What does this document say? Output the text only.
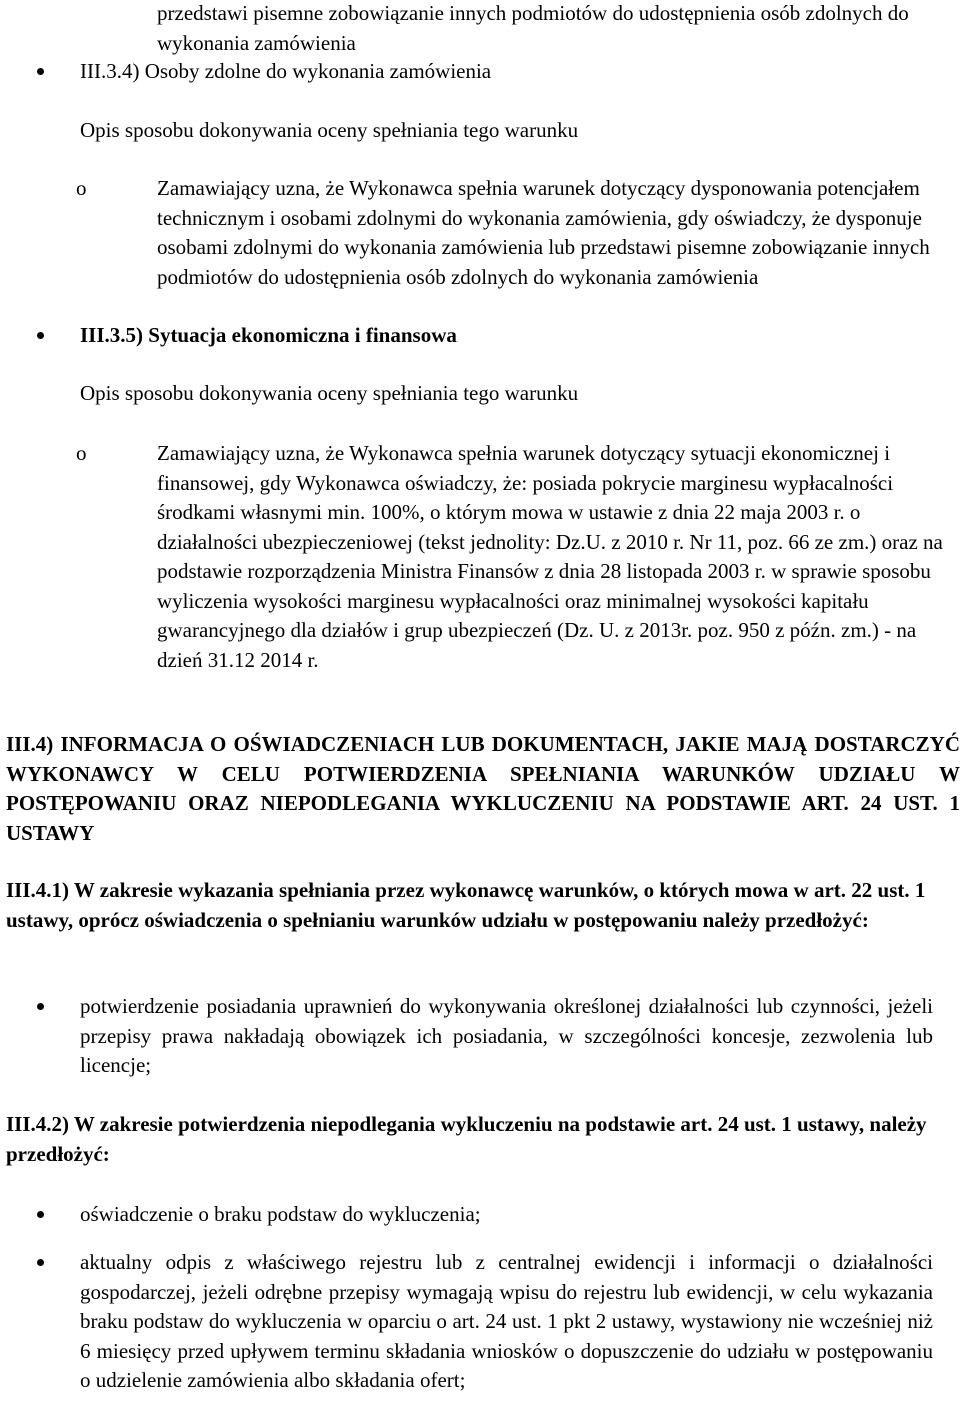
przedstawi pisemne zobowiązanie innych podmiotów do udostępnienia osób zdolnych do wykonania zamówienia

III.3.4) Osoby zdolne do wykonania zamówienia

Opis sposobu dokonywania oceny spełniania tego warunku

o	Zamawiający uzna, że Wykonawca spełnia warunek dotyczący dysponowania potencjałem technicznym i osobami zdolnymi do wykonania zamówienia, gdy oświadczy, że dysponuje osobami zdolnymi do wykonania zamówienia lub przedstawi pisemne zobowiązanie innych podmiotów do udostępnienia osób zdolnych do wykonania zamówienia

III.3.5) Sytuacja ekonomiczna i finansowa

Opis sposobu dokonywania oceny spełniania tego warunku

o	Zamawiający uzna, że Wykonawca spełnia warunek dotyczący sytuacji ekonomicznej i finansowej, gdy Wykonawca oświadczy, że: posiada pokrycie marginesu wypłacalności środkami własnymi min. 100%, o którym mowa w ustawie z dnia 22 maja 2003 r. o działalności ubezpieczeniowej (tekst jednolity: Dz.U. z 2010 r. Nr 11, poz. 66 ze zm.) oraz na podstawie rozporządzenia Ministra Finansów z dnia 28 listopada 2003 r. w sprawie sposobu wyliczenia wysokości marginesu wypłacalności oraz minimalnej wysokości kapitału gwarancyjnego dla działów i grup ubezpieczeń (Dz. U. z 2013r. poz. 950 z późn. zm.) - na dzień 31.12 2014 r.

III.4) INFORMACJA O OŚWIADCZENIACH LUB DOKUMENTACH, JAKIE MAJĄ DOSTARCZYĆ WYKONAWCY W CELU POTWIERDZENIA SPEŁNIANIA WARUNKÓW UDZIAŁU W POSTĘPOWANIU ORAZ NIEPODLEGANIA WYKLUCZENIU NA PODSTAWIE ART. 24 UST. 1 USTAWY

III.4.1) W zakresie wykazania spełniania przez wykonawcę warunków, o których mowa w art. 22 ust. 1 ustawy, oprócz oświadczenia o spełnianiu warunków udziału w postępowaniu należy przedłożyć:

potwierdzenie posiadania uprawnień do wykonywania określonej działalności lub czynności, jeżeli przepisy prawa nakładają obowiązek ich posiadania, w szczególności koncesje, zezwolenia lub licencje;

III.4.2) W zakresie potwierdzenia niepodlegania wykluczeniu na podstawie art. 24 ust. 1 ustawy, należy przedłożyć:

oświadczenie o braku podstaw do wykluczenia;

aktualny odpis z właściwego rejestru lub z centralnej ewidencji i informacji o działalności gospodarczej, jeżeli odrębne przepisy wymagają wpisu do rejestru lub ewidencji, w celu wykazania braku podstaw do wykluczenia w oparciu o art. 24 ust. 1 pkt 2 ustawy, wystawiony nie wcześniej niż 6 miesięcy przed upływem terminu składania wniosków o dopuszczenie do udziału w postępowaniu o udzielenie zamówienia albo składania ofert;
